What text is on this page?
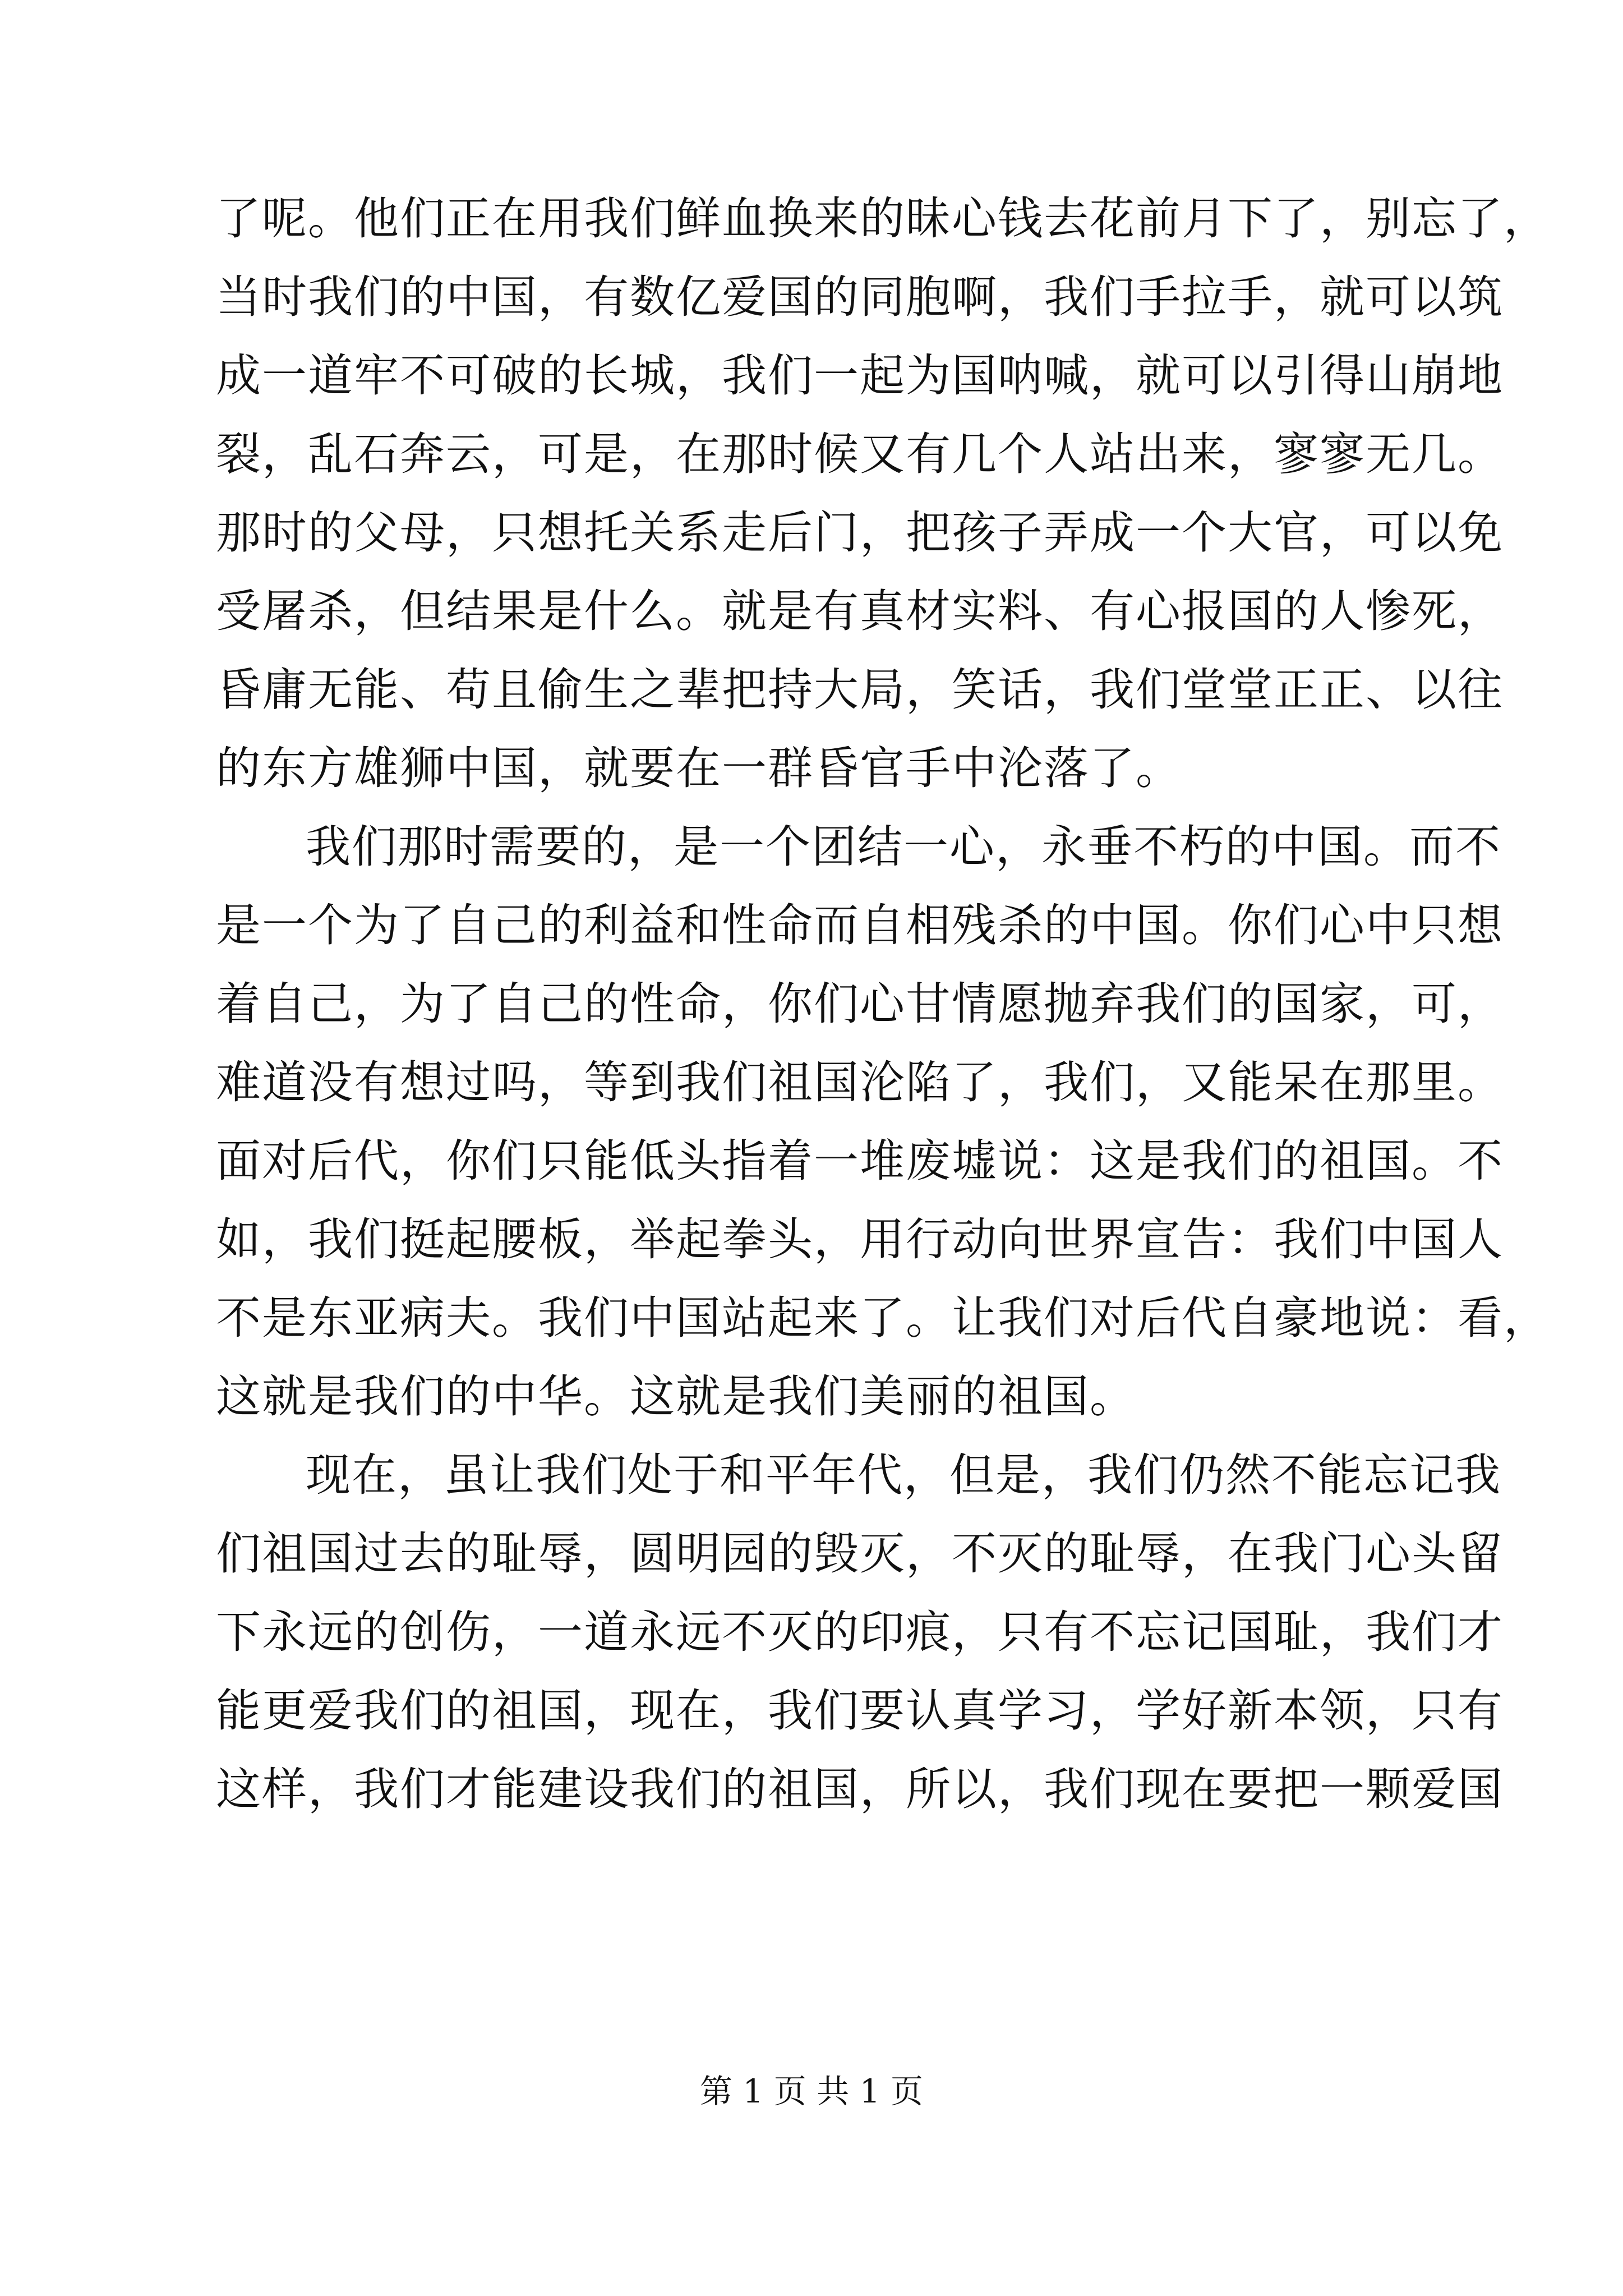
了呢。他们正在用我们鲜血换来的昧心钱去花前月下了，别忘了，
当时我们的中国，有数亿爱国的同胞啊，我们手拉手，就可以筑
成一道牢不可破的长城，我们一起为国呐喊，就可以引得山崩地
裂，乱石奔云，可是，在那时候又有几个人站出来，寥寥无几。
那时的父母，只想托关系走后门，把孩子弄成一个大官，可以免
受屠杀，但结果是什么。就是有真材实料、有心报国的人惨死，
昏庸无能、苟且偷生之辈把持大局，笑话，我们堂堂正正、以往
的东方雄狮中国，就要在一群昏官手中沦落了。
我们那时需要的，是一个团结一心，永垂不朽的中国。而不
是一个为了自己的利益和性命而自相残杀的中国。你们心中只想
着自己，为了自己的性命，你们心甘情愿抛弃我们的国家，可，
难道没有想过吗，等到我们祖国沦陷了，我们，又能呆在那里。
面对后代，你们只能低头指着一堆废墟说：这是我们的祖国。不
如，我们挺起腰板，举起拳头，用行动向世界宣告：我们中国人
不是东亚病夫。我们中国站起来了。让我们对后代自豪地说：看，
这就是我们的中华。这就是我们美丽的祖国。
现在，虽让我们处于和平年代，但是，我们仍然不能忘记我
们祖国过去的耻辱，圆明园的毁灭，不灭的耻辱，在我门心头留
下永远的创伤，一道永远不灭的印痕，只有不忘记国耻，我们才
能更爱我们的祖国，现在，我们要认真学习，学好新本领，只有
这样，我们才能建设我们的祖国，所以，我们现在要把一颗爱国
第 1 页 共 1 页
